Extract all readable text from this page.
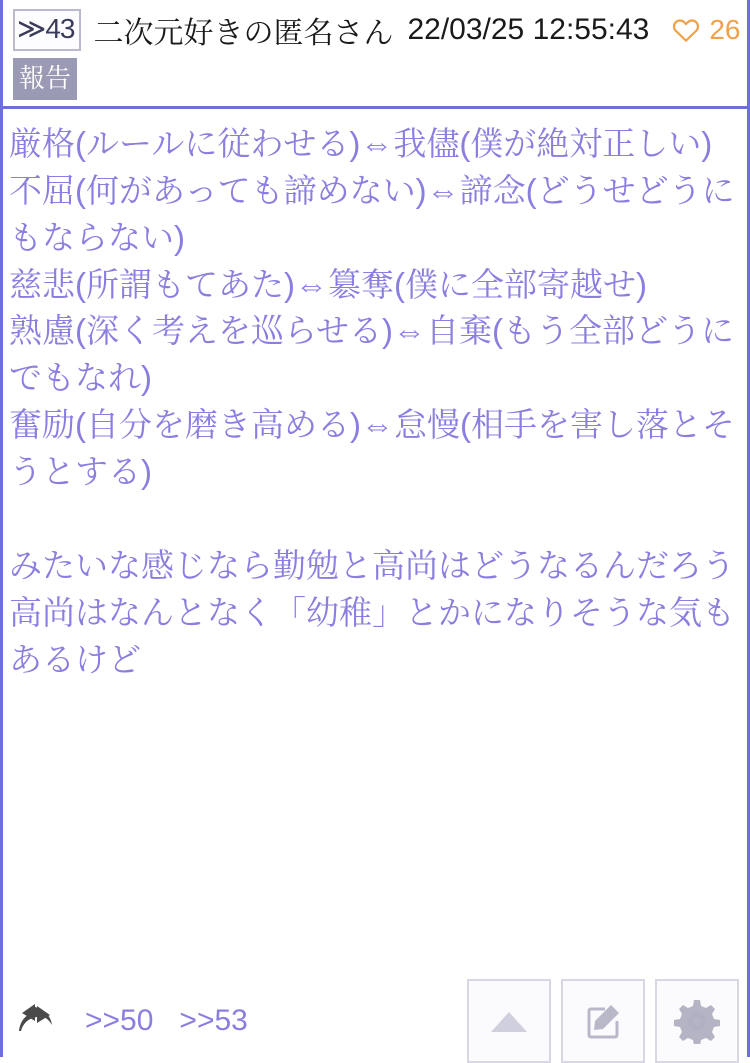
≫43 二次元好きの匿名さん 22/03/25 12:55:43 26
報告

厳格(ルールに従わせる)⇔我儘(僕が絶対正しい)

不屈(何があっても諦めない)⇔諦念(どうせどうにもならない)

慈悲(所謂もてあた)⇔簒奪(僕に全部寄越せ)

熟慮(深く考えを巡らせる)⇔自棄(もう全部どうにでもなれ)

奮励(自分を磨き高める)⇔怠慢(相手を害し落とそうとする)

みたいな感じなら勤勉と高尚はどうなるんだろう

高尚はなんとなく「幼稚」とかになりそうな気もあるけど

>>50 >>53
